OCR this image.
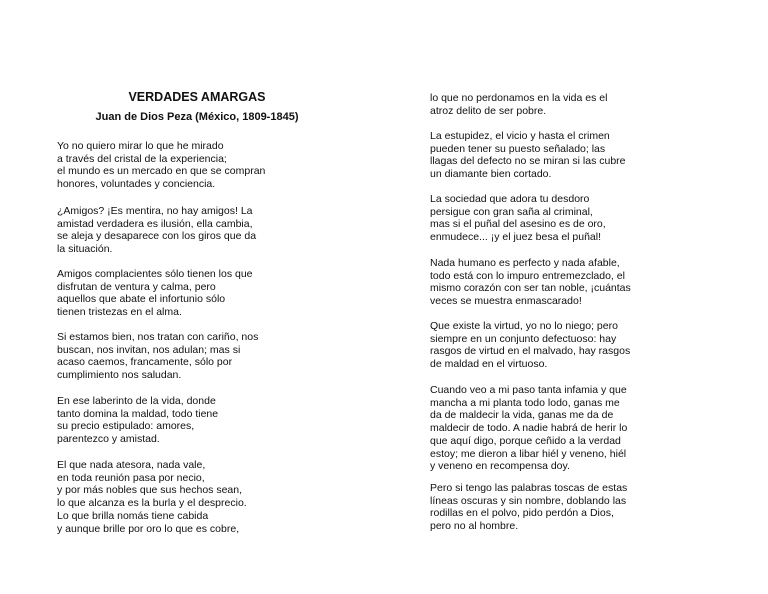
VERDADES AMARGAS
Juan de Dios Peza (México, 1809-1845)
Yo no quiero mirar lo que he mirado
a través del cristal de la experiencia;
el mundo es un mercado en que se compran
honores, voluntades y conciencia.
¿Amigos? ¡Es mentira, no hay amigos! La
amistad verdadera es ilusión, ella cambia,
se aleja y desaparece con los giros que da
la situación.
Amigos complacientes sólo tienen los que
disfrutan de ventura y calma, pero
aquellos que abate el infortunio sólo
tienen tristezas en el alma.
Si estamos bien, nos tratan con cariño, nos
buscan, nos invitan, nos adulan; mas si
acaso caemos, francamente, sólo por
cumplimiento nos saludan.
En ese laberinto de la vida, donde
tanto domina la maldad, todo tiene
su precio estipulado: amores,
parentezco y amistad.
El que nada atesora, nada vale,
en toda reunión pasa por necio,
y por más nobles que sus hechos sean,
lo que alcanza es la burla y el desprecio.
Lo que brilla nomás tiene cabida
y aunque brille por oro lo que es cobre,
lo que no perdonamos en la vida es el
atroz delito de ser pobre.
La estupidez, el vicio y hasta el crimen
pueden tener su puesto señalado; las
llagas del defecto no se miran si las cubre
un diamante bien cortado.
La sociedad que adora tu desdoro
persigue con gran saña al criminal,
mas si el puñal del asesino es de oro,
enmudece... ¡y el juez besa el puñal!
Nada humano es perfecto y nada afable,
todo está con lo impuro entremezclado, el
mismo corazón con ser tan noble, ¡cuántas
veces se muestra enmascarado!
Que existe la virtud, yo no lo niego; pero
siempre en un conjunto defectuoso: hay
rasgos de virtud en el malvado, hay rasgos
de maldad en el virtuoso.
Cuando veo a mi paso tanta infamia y que
mancha a mi planta todo lodo, ganas me
da de maldecir la vida, ganas me da de
maldecir de todo. A nadie habrá de herir lo
que aquí digo, porque ceñido a la verdad
estoy; me dieron a libar hiél y veneno, hiél
y veneno en recompensa doy.
Pero si tengo las palabras toscas de estas
líneas oscuras y sin nombre, doblando las
rodillas en el polvo, pido perdón a Dios,
pero no al hombre.
